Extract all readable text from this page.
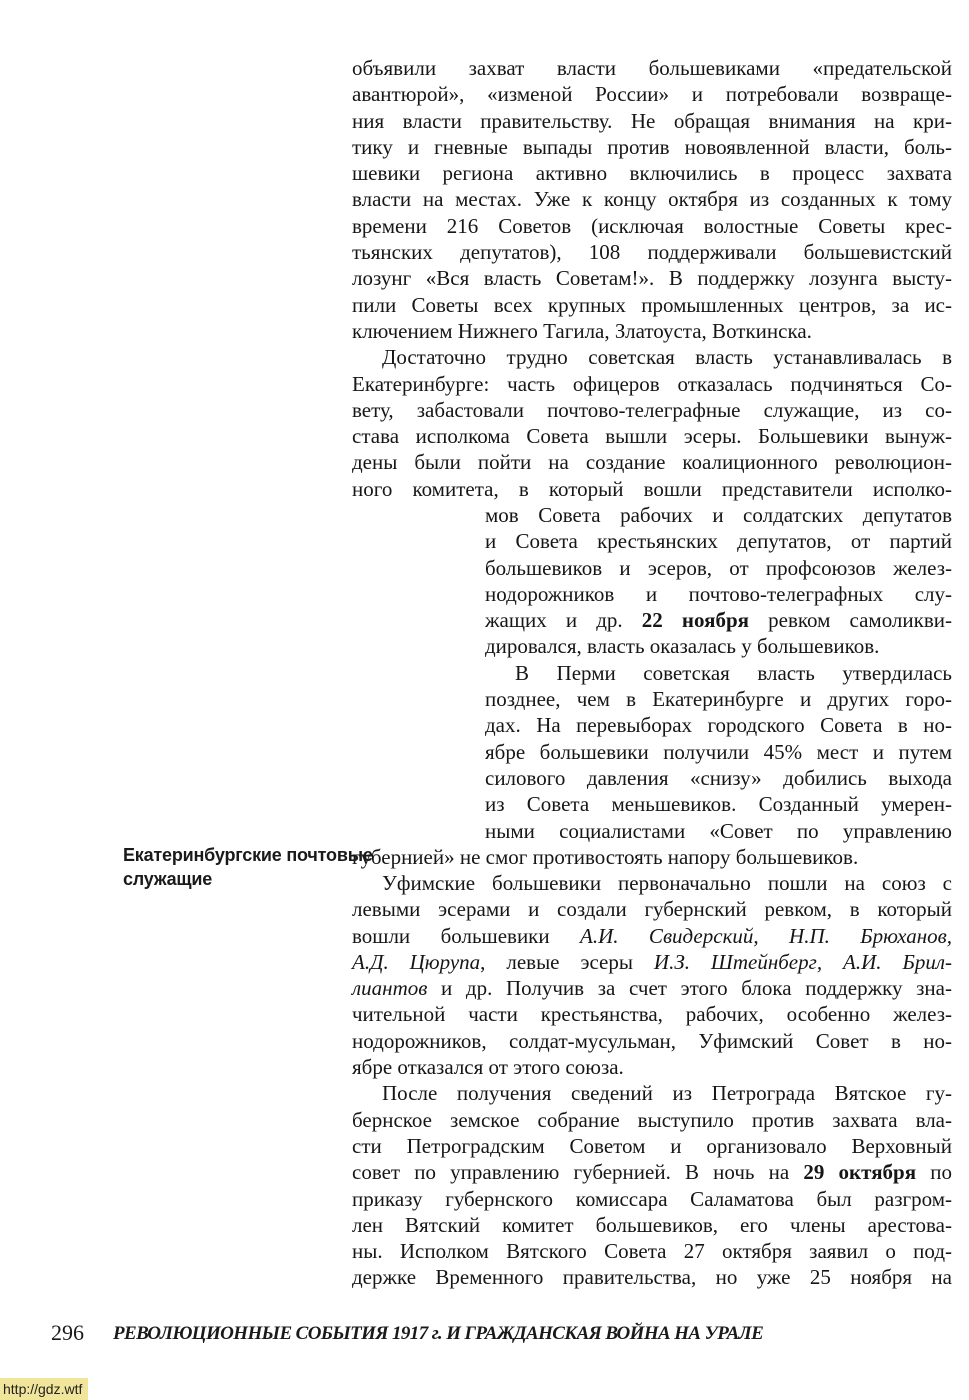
объявили захват власти большевиками «предательской
авантюрой», «изменой России» и потребовали возвраще-
ния власти правительству. Не обращая внимания на кри-
тику и гневные выпады против новоявленной власти, боль-
шевики региона активно включились в процесс захвата
власти на местах. Уже к концу октября из созданных к тому
времени 216 Советов (исключая волостные Советы крес-
тьянских депутатов), 108 поддерживали большевистский
лозунг «Вся власть Советам!». В поддержку лозунга высту-
пили Советы всех крупных промышленных центров, за ис-
ключением Нижнего Тагила, Златоуста, Воткинска.
Достаточно трудно советская власть устанавливалась в
Екатеринбурге: часть офицеров отказалась подчиняться Со-
вету, забастовали почтово-телеграфные служащие, из со-
става исполкома Совета вышли эсеры. Большевики вынуж-
дены были пойти на создание коалиционного революцион-
ного комитета, в который вошли представители исполко-
мов Совета рабочих и солдатских депутатов
и Совета крестьянских депутатов, от партий
большевиков и эсеров, от профсоюзов желез-
нодорожников и почтово-телеграфных слу-
жащих и др. 22 ноября ревком самоликви-
дировался, власть оказалась у большевиков.
В Перми советская власть утвердилась
позднее, чем в Екатеринбурге и других горо-
дах. На перевыборах городского Совета в но-
ябре большевики получили 45% мест и путем
силового давления «снизу» добились выхода
из Совета меньшевиков. Созданный умерен-
ными социалистами «Совет по управлению
губернией» не смог противостоять напору большевиков.
Уфимские большевики первоначально пошли на союз с
левыми эсерами и создали губернский ревком, в который
вошли большевики А.И. Свидерский, Н.П. Брюханов,
А.Д. Цюрупа, левые эсеры И.З. Штейнберг, А.И. Брил-
лиантов и др. Получив за счет этого блока поддержку зна-
чительной части крестьянства, рабочих, особенно желез-
нодорожников, солдат-мусульман, Уфимский Совет в но-
ябре отказался от этого союза.
После получения сведений из Петрограда Вятское гу-
бернское земское собрание выступило против захвата вла-
сти Петроградским Советом и организовало Верховный
совет по управлению губернией. В ночь на 29 октября по
приказу губернского комиссара Саламатова был разгром-
лен Вятский комитет большевиков, его члены арестова-
ны. Исполком Вятского Совета 27 октября заявил о под-
держке Временного правительства, но уже 25 ноября на
Екатеринбургские почтовые
служащие
296 РЕВОЛЮЦИОННЫЕ СОБЫТИЯ 1917 г. И ГРАЖДАНСКАЯ ВОЙНА НА УРАЛЕ
http://gdz.wtf
